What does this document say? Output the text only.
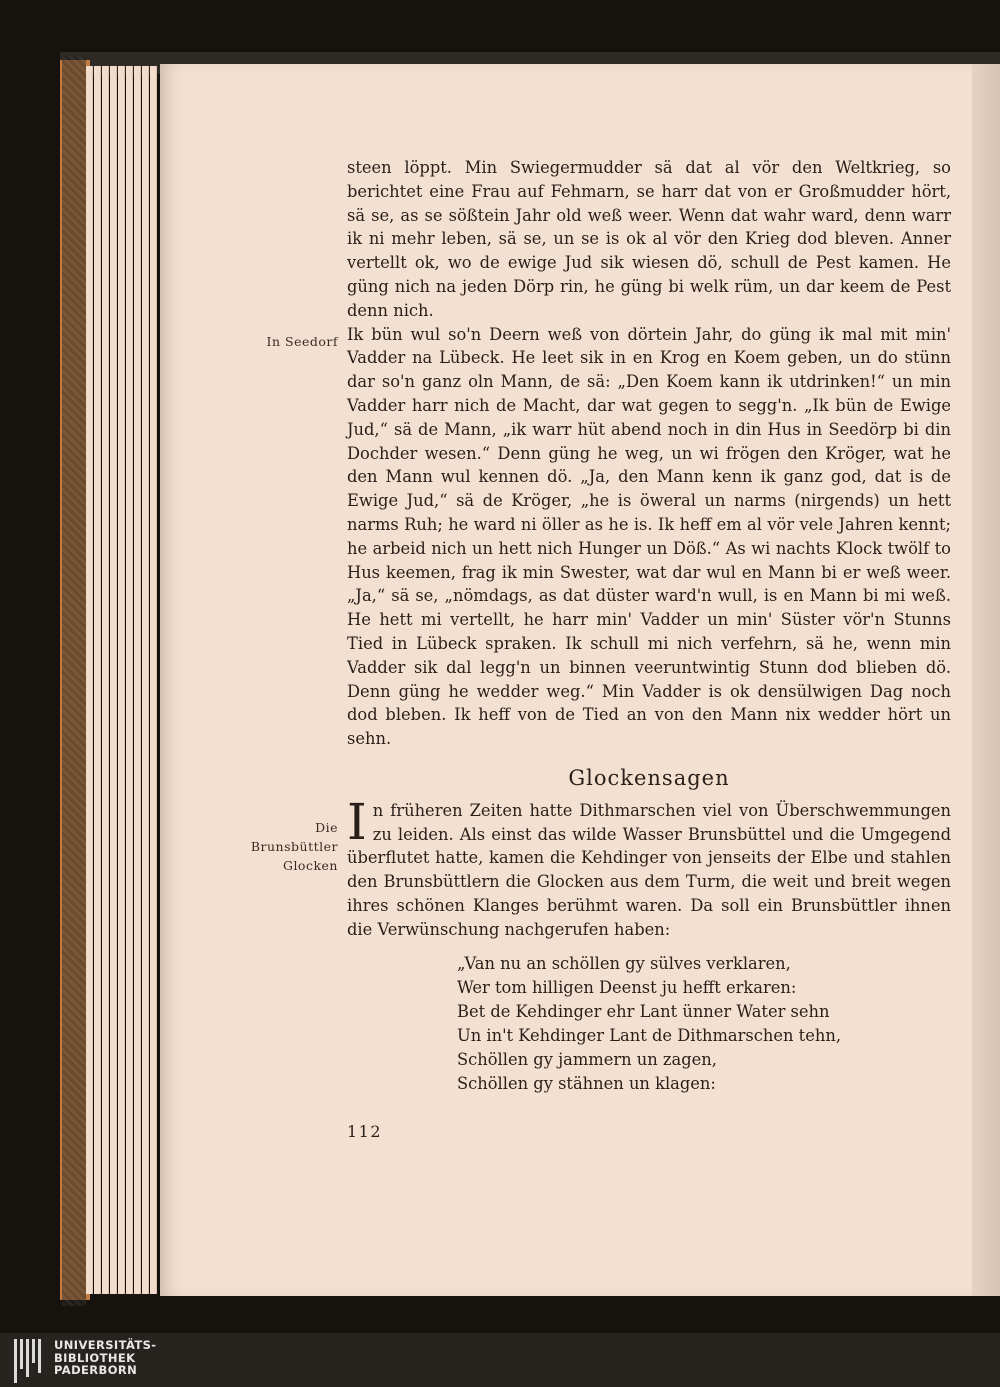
In Seedorf
Die
Brunsbüttler
Glocken

steen löppt. Min Swiegermudder sä dat al vör den Weltkrieg, so berichtet eine Frau auf Fehmarn, se harr dat von er Großmudder hört, sä se, as se sößtein Jahr old weß weer. Wenn dat wahr ward, denn warr ik ni mehr leben, sä se, un se is ok al vör den Krieg dod bleven. Anner vertellt ok, wo de ewige Jud sik wiesen dö, schull de Pest kamen. He güng nich na jeden Dörp rin, he güng bi welk rüm, un dar keem de Pest denn nich.

Ik bün wul so'n Deern weß von dörtein Jahr, do güng ik mal mit min' Vadder na Lübeck. He leet sik in en Krog en Koem geben, un do stünn dar so'n ganz oln Mann, de sä: „Den Koem kann ik utdrinken!“ un min Vadder harr nich de Macht, dar wat gegen to segg'n. „Ik bün de Ewige Jud,“ sä de Mann, „ik warr hüt abend noch in din Hus in Seedörp bi din Dochder wesen.“ Denn güng he weg, un wi frögen den Kröger, wat he den Mann wul kennen dö. „Ja, den Mann kenn ik ganz god, dat is de Ewige Jud,“ sä de Kröger, „he is öweral un narms (nirgends) un hett narms Ruh; he ward ni öller as he is. Ik heff em al vör vele Jahren kennt; he arbeid nich un hett nich Hunger un Döß.“ As wi nachts Klock twölf to Hus keemen, frag ik min Swester, wat dar wul en Mann bi er weß weer. „Ja,“ sä se, „nömdags, as dat düster ward'n wull, is en Mann bi mi weß. He hett mi vertellt, he harr min' Vadder un min' Süster vör'n Stunns Tied in Lübeck spraken. Ik schull mi nich verfehrn, sä he, wenn min Vadder sik dal legg'n un binnen veeruntwintig Stunn dod blieben dö. Denn güng he wedder weg.“ Min Vadder is ok densülwigen Dag noch dod bleben. Ik heff von de Tied an von den Mann nix wedder hört un sehn.

Glockensagen

In früheren Zeiten hatte Dithmarschen viel von Überschwemmungen zu leiden. Als einst das wilde Wasser Brunsbüttel und die Umgegend überflutet hatte, kamen die Kehdinger von jenseits der Elbe und stahlen den Brunsbüttlern die Glocken aus dem Turm, die weit und breit wegen ihres schönen Klanges berühmt waren. Da soll ein Brunsbüttler ihnen die Verwünschung nachgerufen haben:

„Van nu an schöllen gy sülves verklaren,
Wer tom hilligen Deenst ju hefft erkaren:
Bet de Kehdinger ehr Lant ünner Water sehn
Un in't Kehdinger Lant de Dithmarschen tehn,
Schöllen gy jammern un zagen,
Schöllen gy stähnen un klagen:
112
UNIVERSITÄTS-
BIBLIOTHEK
PADERBORN
